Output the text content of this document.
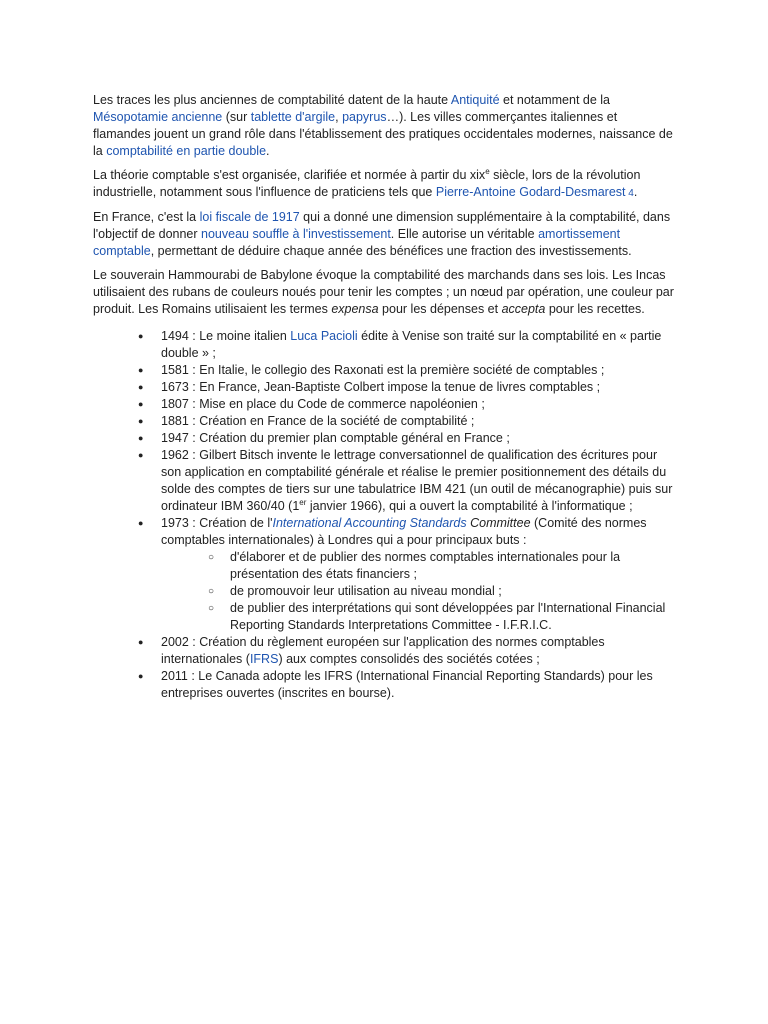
Les traces les plus anciennes de comptabilité datent de la haute Antiquité et notamment de la Mésopotamie ancienne (sur tablette d'argile, papyrus…). Les villes commerçantes italiennes et flamandes jouent un grand rôle dans l'établissement des pratiques occidentales modernes, naissance de la comptabilité en partie double.

La théorie comptable s'est organisée, clarifiée et normée à partir du xix$^e$ siècle, lors de la révolution industrielle, notamment sous l'influence de praticiens tels que Pierre-Antoine Godard-Desmarest 4.

En France, c'est la loi fiscale de 1917 qui a donné une dimension supplémentaire à la comptabilité, dans l'objectif de donner nouveau souffle à l'investissement. Elle autorise un véritable amortissement comptable, permettant de déduire chaque année des bénéfices une fraction des investissements.

Le souverain Hammourabi de Babylone évoque la comptabilité des marchands dans ses lois. Les Incas utilisaient des rubans de couleurs noués pour tenir les comptes ; un nœud par opération, une couleur par produit. Les Romains utilisaient les termes expensa pour les dépenses et accepta pour les recettes.

● 1494 : Le moine italien Luca Pacioli édite à Venise son traité sur la comptabilité en « partie double » ;
● 1581 : En Italie, le collegio des Raxonati est la première société de comptables ;
● 1673 : En France, Jean-Baptiste Colbert impose la tenue de livres comptables ;
● 1807 : Mise en place du Code de commerce napoléonien ;
● 1881 : Création en France de la société de comptabilité ;
● 1947 : Création du premier plan comptable général en France ;
● 1962 : Gilbert Bitsch invente le lettrage conversationnel de qualification des écritures pour son application en comptabilité générale et réalise le premier positionnement des détails du solde des comptes de tiers sur une tabulatrice IBM 421 (un outil de mécanographie) puis sur ordinateur IBM 360/40 (1er janvier 1966), qui a ouvert la comptabilité à l'informatique ;
● 1973 : Création de l'International Accounting Standards Committee (Comité des normes comptables internationales) à Londres qui a pour principaux buts :
○ d'élaborer et de publier des normes comptables internationales pour la présentation des états financiers ;
○ de promouvoir leur utilisation au niveau mondial ;
○ de publier des interprétations qui sont développées par l'International Financial Reporting Standards Interpretations Committee - I.F.R.I.C.
● 2002 : Création du règlement européen sur l'application des normes comptables internationales (IFRS) aux comptes consolidés des sociétés cotées ;
● 2011 : Le Canada adopte les IFRS (International Financial Reporting Standards) pour les entreprises ouvertes (inscrites en bourse).
